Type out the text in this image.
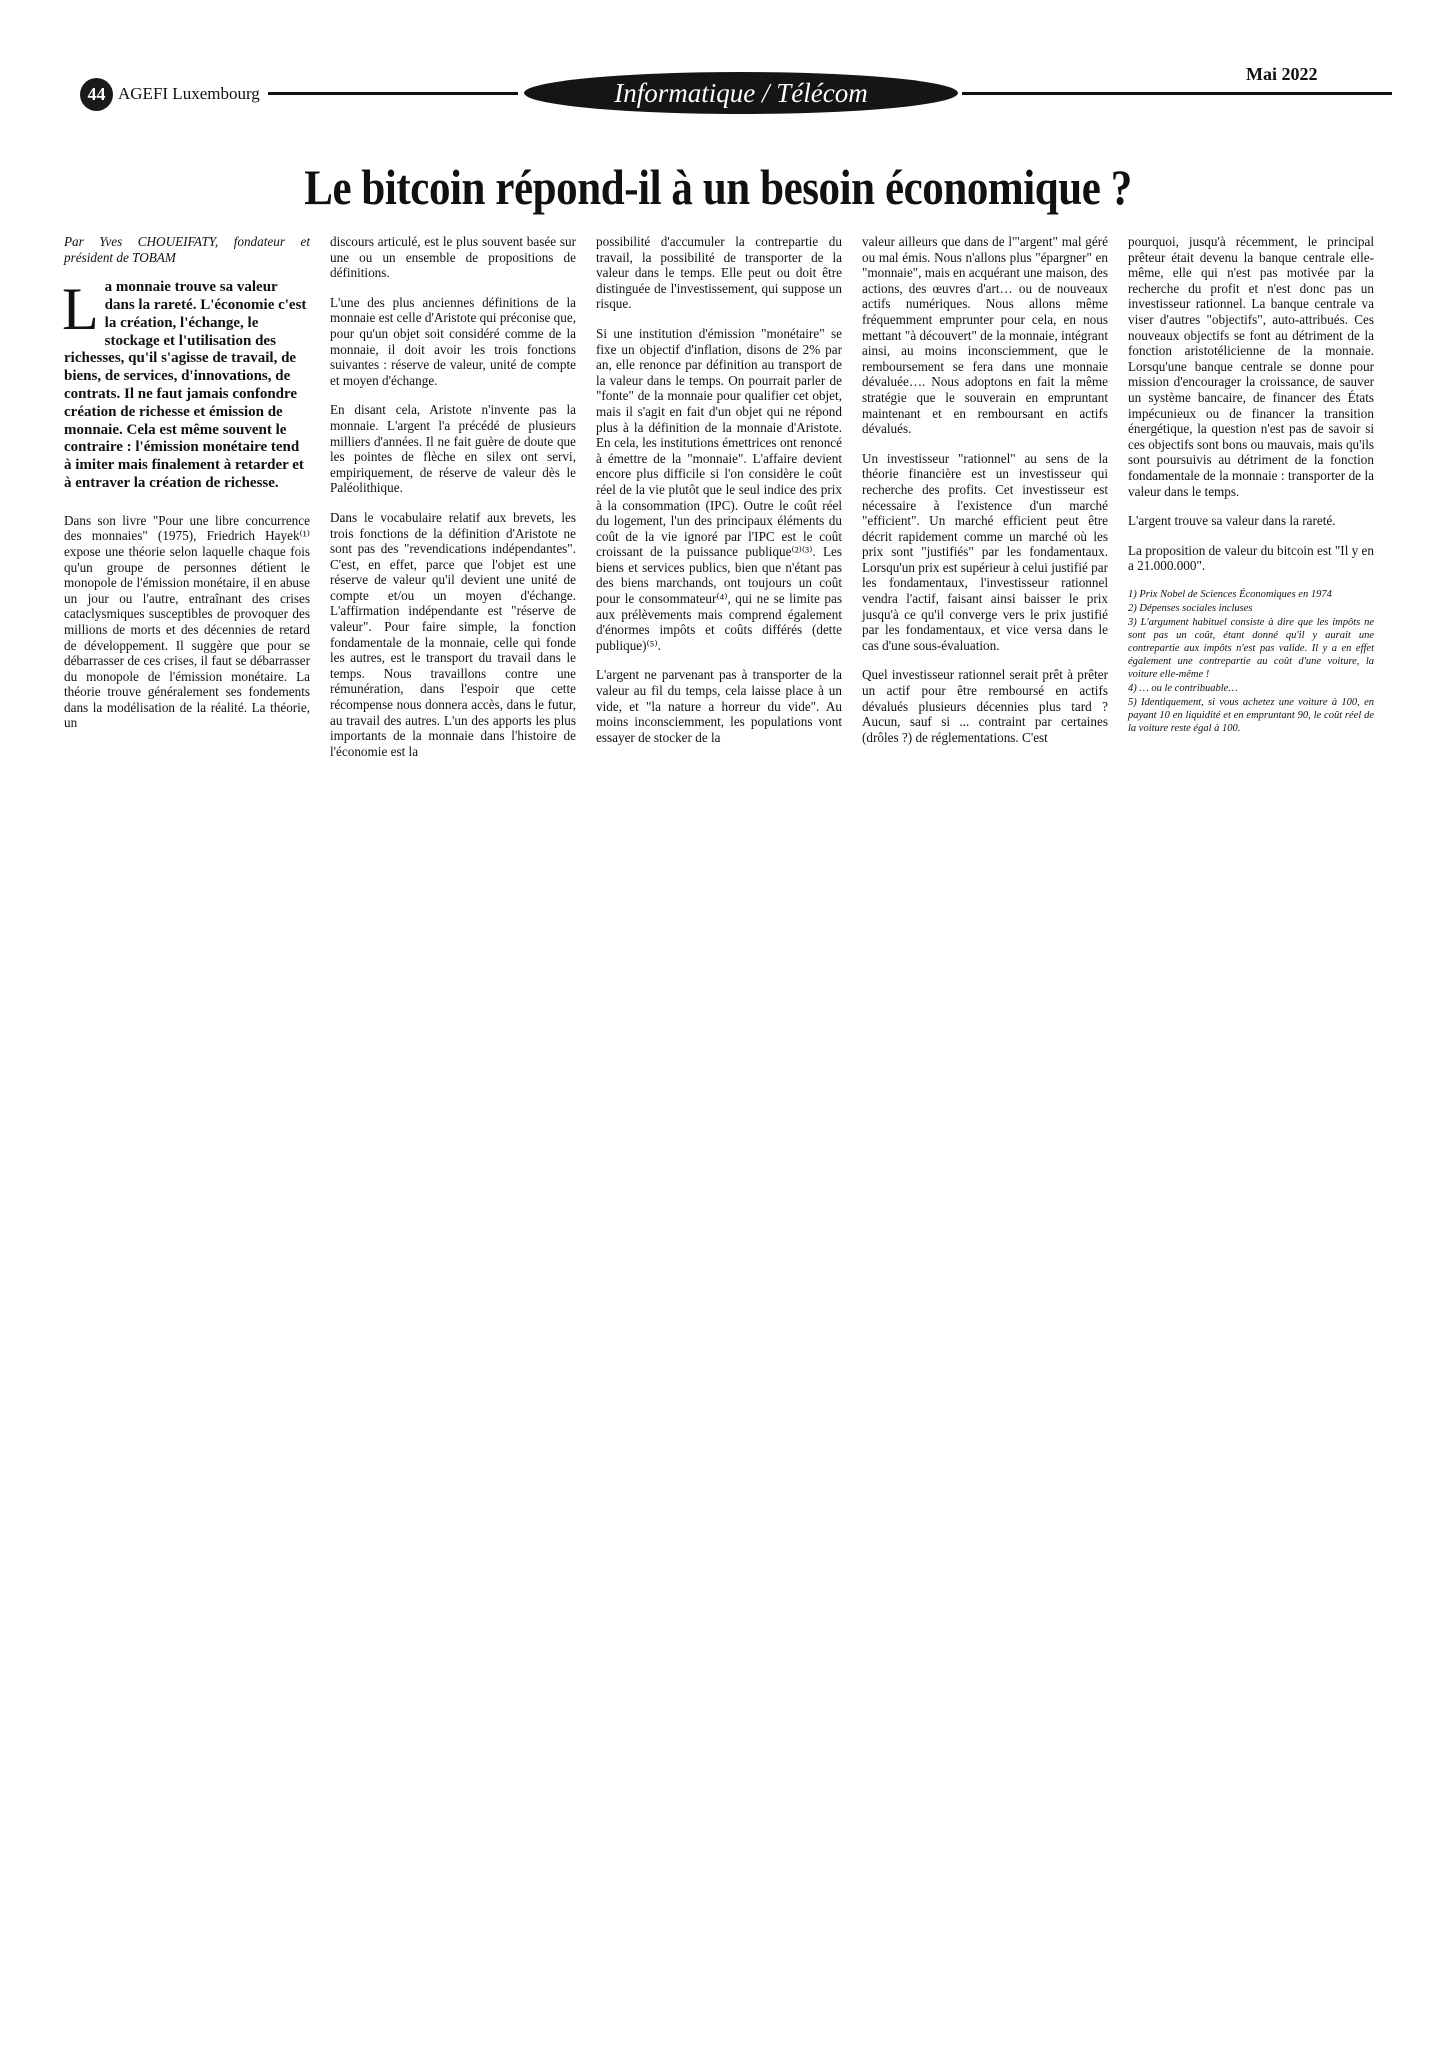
44 AGEFI Luxembourg	Informatique / Télécom
Mai 2022
Le bitcoin répond-il à un besoin économique ?

Par Yves CHOUEIFATY, fondateur et président de TOBAM

La monnaie trouve sa valeur dans la rareté. L'économie c'est la création, l'échange, le stockage et l'utilisation des richesses, qu'il s'agisse de travail, de biens, de services, d'innovations, de contrats. Il ne faut jamais confondre création de richesse et émission de monnaie. Cela est même souvent le contraire : l'émission monétaire tend à imiter mais finalement à retarder et à entraver la création de richesse.

Dans son livre "Pour une libre concurrence des monnaies" (1975), Friedrich Hayek⁽¹⁾ expose une théorie selon laquelle chaque fois qu'un groupe de personnes détient le monopole de l'émission monétaire, il en abuse un jour ou l'autre, entraînant des crises cataclysmiques susceptibles de provoquer des millions de morts et des décennies de retard de développement. Il suggère que pour se débarrasser de ces crises, il faut se débarrasser du monopole de l'émission monétaire. La théorie trouve généralement ses fondements dans la modélisation de la réalité. La théorie, un

discours articulé, est le plus souvent basée sur une ou un ensemble de propositions de définitions.

L'une des plus anciennes définitions de la monnaie est celle d'Aristote qui préconise que, pour qu'un objet soit considéré comme de la monnaie, il doit avoir les trois fonctions suivantes : réserve de valeur, unité de compte et moyen d'échange.

En disant cela, Aristote n'invente pas la monnaie. L'argent l'a précédé de plusieurs milliers d'années. Il ne fait guère de doute que les pointes de flèche en silex ont servi, empiriquement, de réserve de valeur dès le Paléolithique.

Dans le vocabulaire relatif aux brevets, les trois fonctions de la définition d'Aristote ne sont pas des "revendications indépendantes". C'est, en effet, parce que l'objet est une réserve de valeur qu'il devient une unité de compte et/ou un moyen d'échange. L'affirmation indépendante est "réserve de valeur". Pour faire simple, la fonction fondamentale de la monnaie, celle qui fonde les autres, est le transport du travail dans le temps. Nous travaillons contre une rémunération, dans l'espoir que cette récompense nous donnera accès, dans le futur, au travail des autres. L'un des apports les plus importants de la monnaie dans l'histoire de l'économie est la

possibilité d'accumuler la contrepartie du travail, la possibilité de transporter de la valeur dans le temps. Elle peut ou doit être distinguée de l'investissement, qui suppose un risque.

Si une institution d'émission "monétaire" se fixe un objectif d'inflation, disons de 2% par an, elle renonce par définition au transport de la valeur dans le temps. On pourrait parler de "fonte" de la monnaie pour qualifier cet objet, mais il s'agit en fait d'un objet qui ne répond plus à la définition de la monnaie d'Aristote. En cela, les institutions émettrices ont renoncé à émettre de la "monnaie". L'affaire devient encore plus difficile si l'on considère le coût réel de la vie plutôt que le seul indice des prix à la consommation (IPC). Outre le coût réel du logement, l'un des principaux éléments du coût de la vie ignoré par l'IPC est le coût croissant de la puissance publique⁽²⁾⁽³⁾. Les biens et services publics, bien que n'étant pas des biens marchands, ont toujours un coût pour le consommateur⁽⁴⁾, qui ne se limite pas aux prélèvements mais comprend également d'énormes impôts et coûts différés (dette publique)⁽⁵⁾.

L'argent ne parvenant pas à transporter de la valeur au fil du temps, cela laisse place à un vide, et "la nature a horreur du vide". Au moins inconsciemment, les populations vont essayer de stocker de la

valeur ailleurs que dans de l'"argent" mal géré ou mal émis. Nous n'allons plus "épargner" en "monnaie", mais en acquérant une maison, des actions, des œuvres d'art… ou de nouveaux actifs numériques. Nous allons même fréquemment emprunter pour cela, en nous mettant "à découvert" de la monnaie, intégrant ainsi, au moins inconsciemment, que le remboursement se fera dans une monnaie dévaluée…. Nous adoptons en fait la même stratégie que le souverain en empruntant maintenant et en remboursant en actifs dévalués.

Un investisseur "rationnel" au sens de la théorie financière est un investisseur qui recherche des profits. Cet investisseur est nécessaire à l'existence d'un marché "efficient". Un marché efficient peut être décrit rapidement comme un marché où les prix sont "justifiés" par les fondamentaux. Lorsqu'un prix est supérieur à celui justifié par les fondamentaux, l'investisseur rationnel vendra l'actif, faisant ainsi baisser le prix jusqu'à ce qu'il converge vers le prix justifié par les fondamentaux, et vice versa dans le cas d'une sous-évaluation.

Quel investisseur rationnel serait prêt à prêter un actif pour être remboursé en actifs dévalués plusieurs décennies plus tard ? Aucun, sauf si ... contraint par certaines (drôles ?) de réglementations. C'est

pourquoi, jusqu'à récemment, le principal prêteur était devenu la banque centrale elle-même, elle qui n'est pas motivée par la recherche du profit et n'est donc pas un investisseur rationnel. La banque centrale va viser d'autres "objectifs", auto-attribués. Ces nouveaux objectifs se font au détriment de la fonction aristotélicienne de la monnaie. Lorsqu'une banque centrale se donne pour mission d'encourager la croissance, de sauver un système bancaire, de financer des États impécunieux ou de financer la transition énergétique, la question n'est pas de savoir si ces objectifs sont bons ou mauvais, mais qu'ils sont poursuivis au détriment de la fonction fondamentale de la monnaie : transporter de la valeur dans le temps.

L'argent trouve sa valeur dans la rareté.

La proposition de valeur du bitcoin est "Il y en a 21.000.000".

1) Prix Nobel de Sciences Économiques en 1974
2) Dépenses sociales incluses
3) L'argument habituel consiste à dire que les impôts ne sont pas un coût, étant donné qu'il y aurait une contrepartie aux impôts n'est pas valide. Il y a en effet également une contrepartie au coût d'une voiture, la voiture elle-même !
4) … ou le contribuable…
5) Identiquement, si vous achetez une voiture à 100, en payant 10 en liquidité et en empruntant 90, le coût réel de la voiture reste égal à 100.
